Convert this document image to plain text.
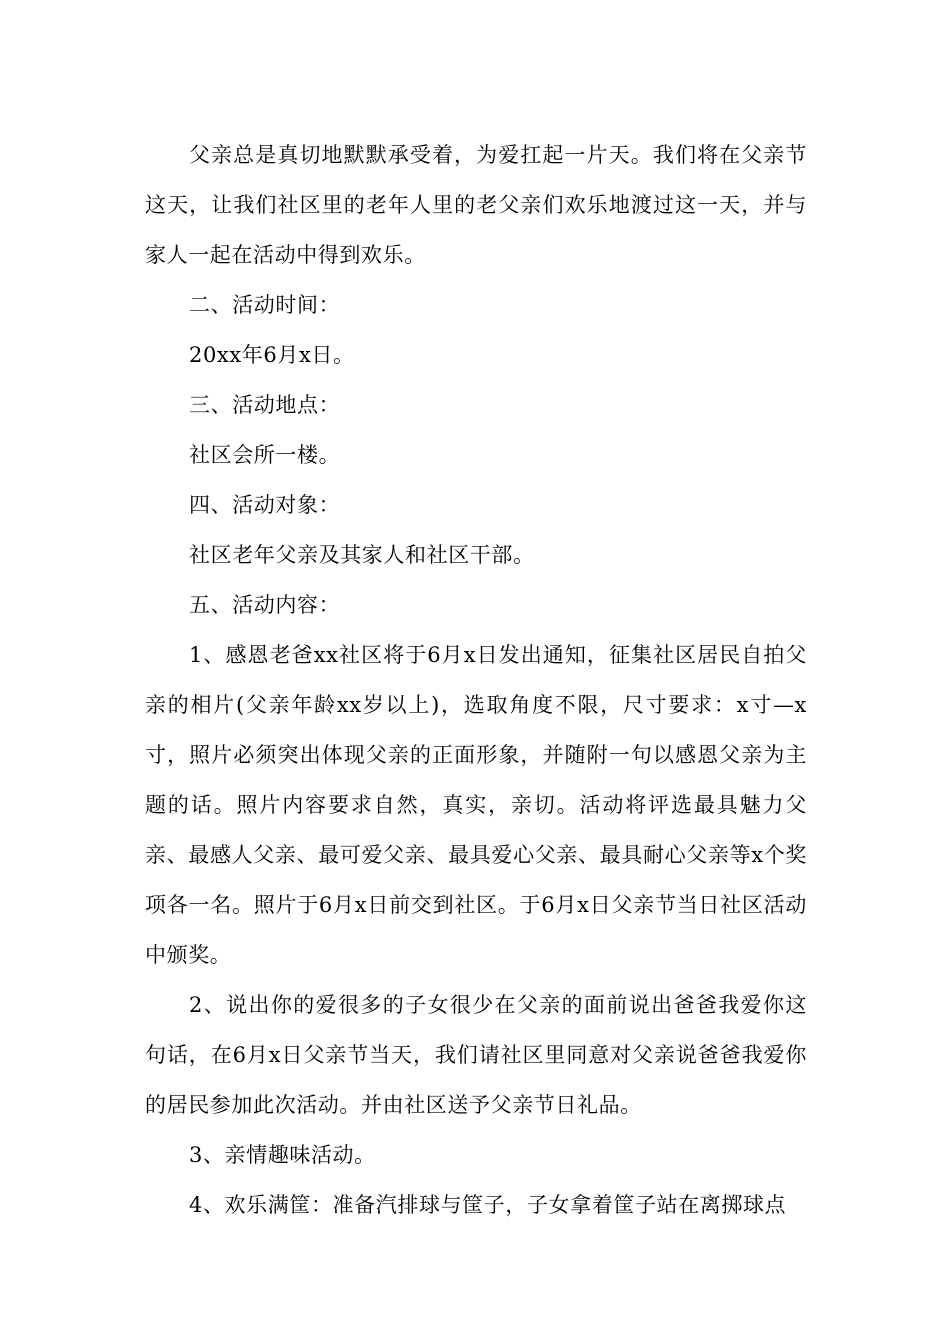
父亲总是真切地默默承受着，为爱扛起一片天。我们将在父亲节这天，让我们社区里的老年人里的老父亲们欢乐地渡过这一天，并与家人一起在活动中得到欢乐。

二、活动时间：

20xx年6月x日。

三、活动地点：

社区会所一楼。

四、活动对象：

社区老年父亲及其家人和社区干部。

五、活动内容：

1、感恩老爸xx社区将于6月x日发出通知，征集社区居民自拍父亲的相片(父亲年龄xx岁以上)，选取角度不限，尺寸要求：x寸—x寸，照片必须突出体现父亲的正面形象，并随附一句以感恩父亲为主题的话。照片内容要求自然，真实，亲切。活动将评选最具魅力父亲、最感人父亲、最可爱父亲、最具爱心父亲、最具耐心父亲等x个奖项各一名。照片于6月x日前交到社区。于6月x日父亲节当日社区活动中颁奖。

2、说出你的爱很多的子女很少在父亲的面前说出爸爸我爱你这句话，在6月x日父亲节当天，我们请社区里同意对父亲说爸爸我爱你的居民参加此次活动。并由社区送予父亲节日礼品。

3、亲情趣味活动。

4、欢乐满筐：准备汽排球与筐子，子女拿着筐子站在离掷球点
